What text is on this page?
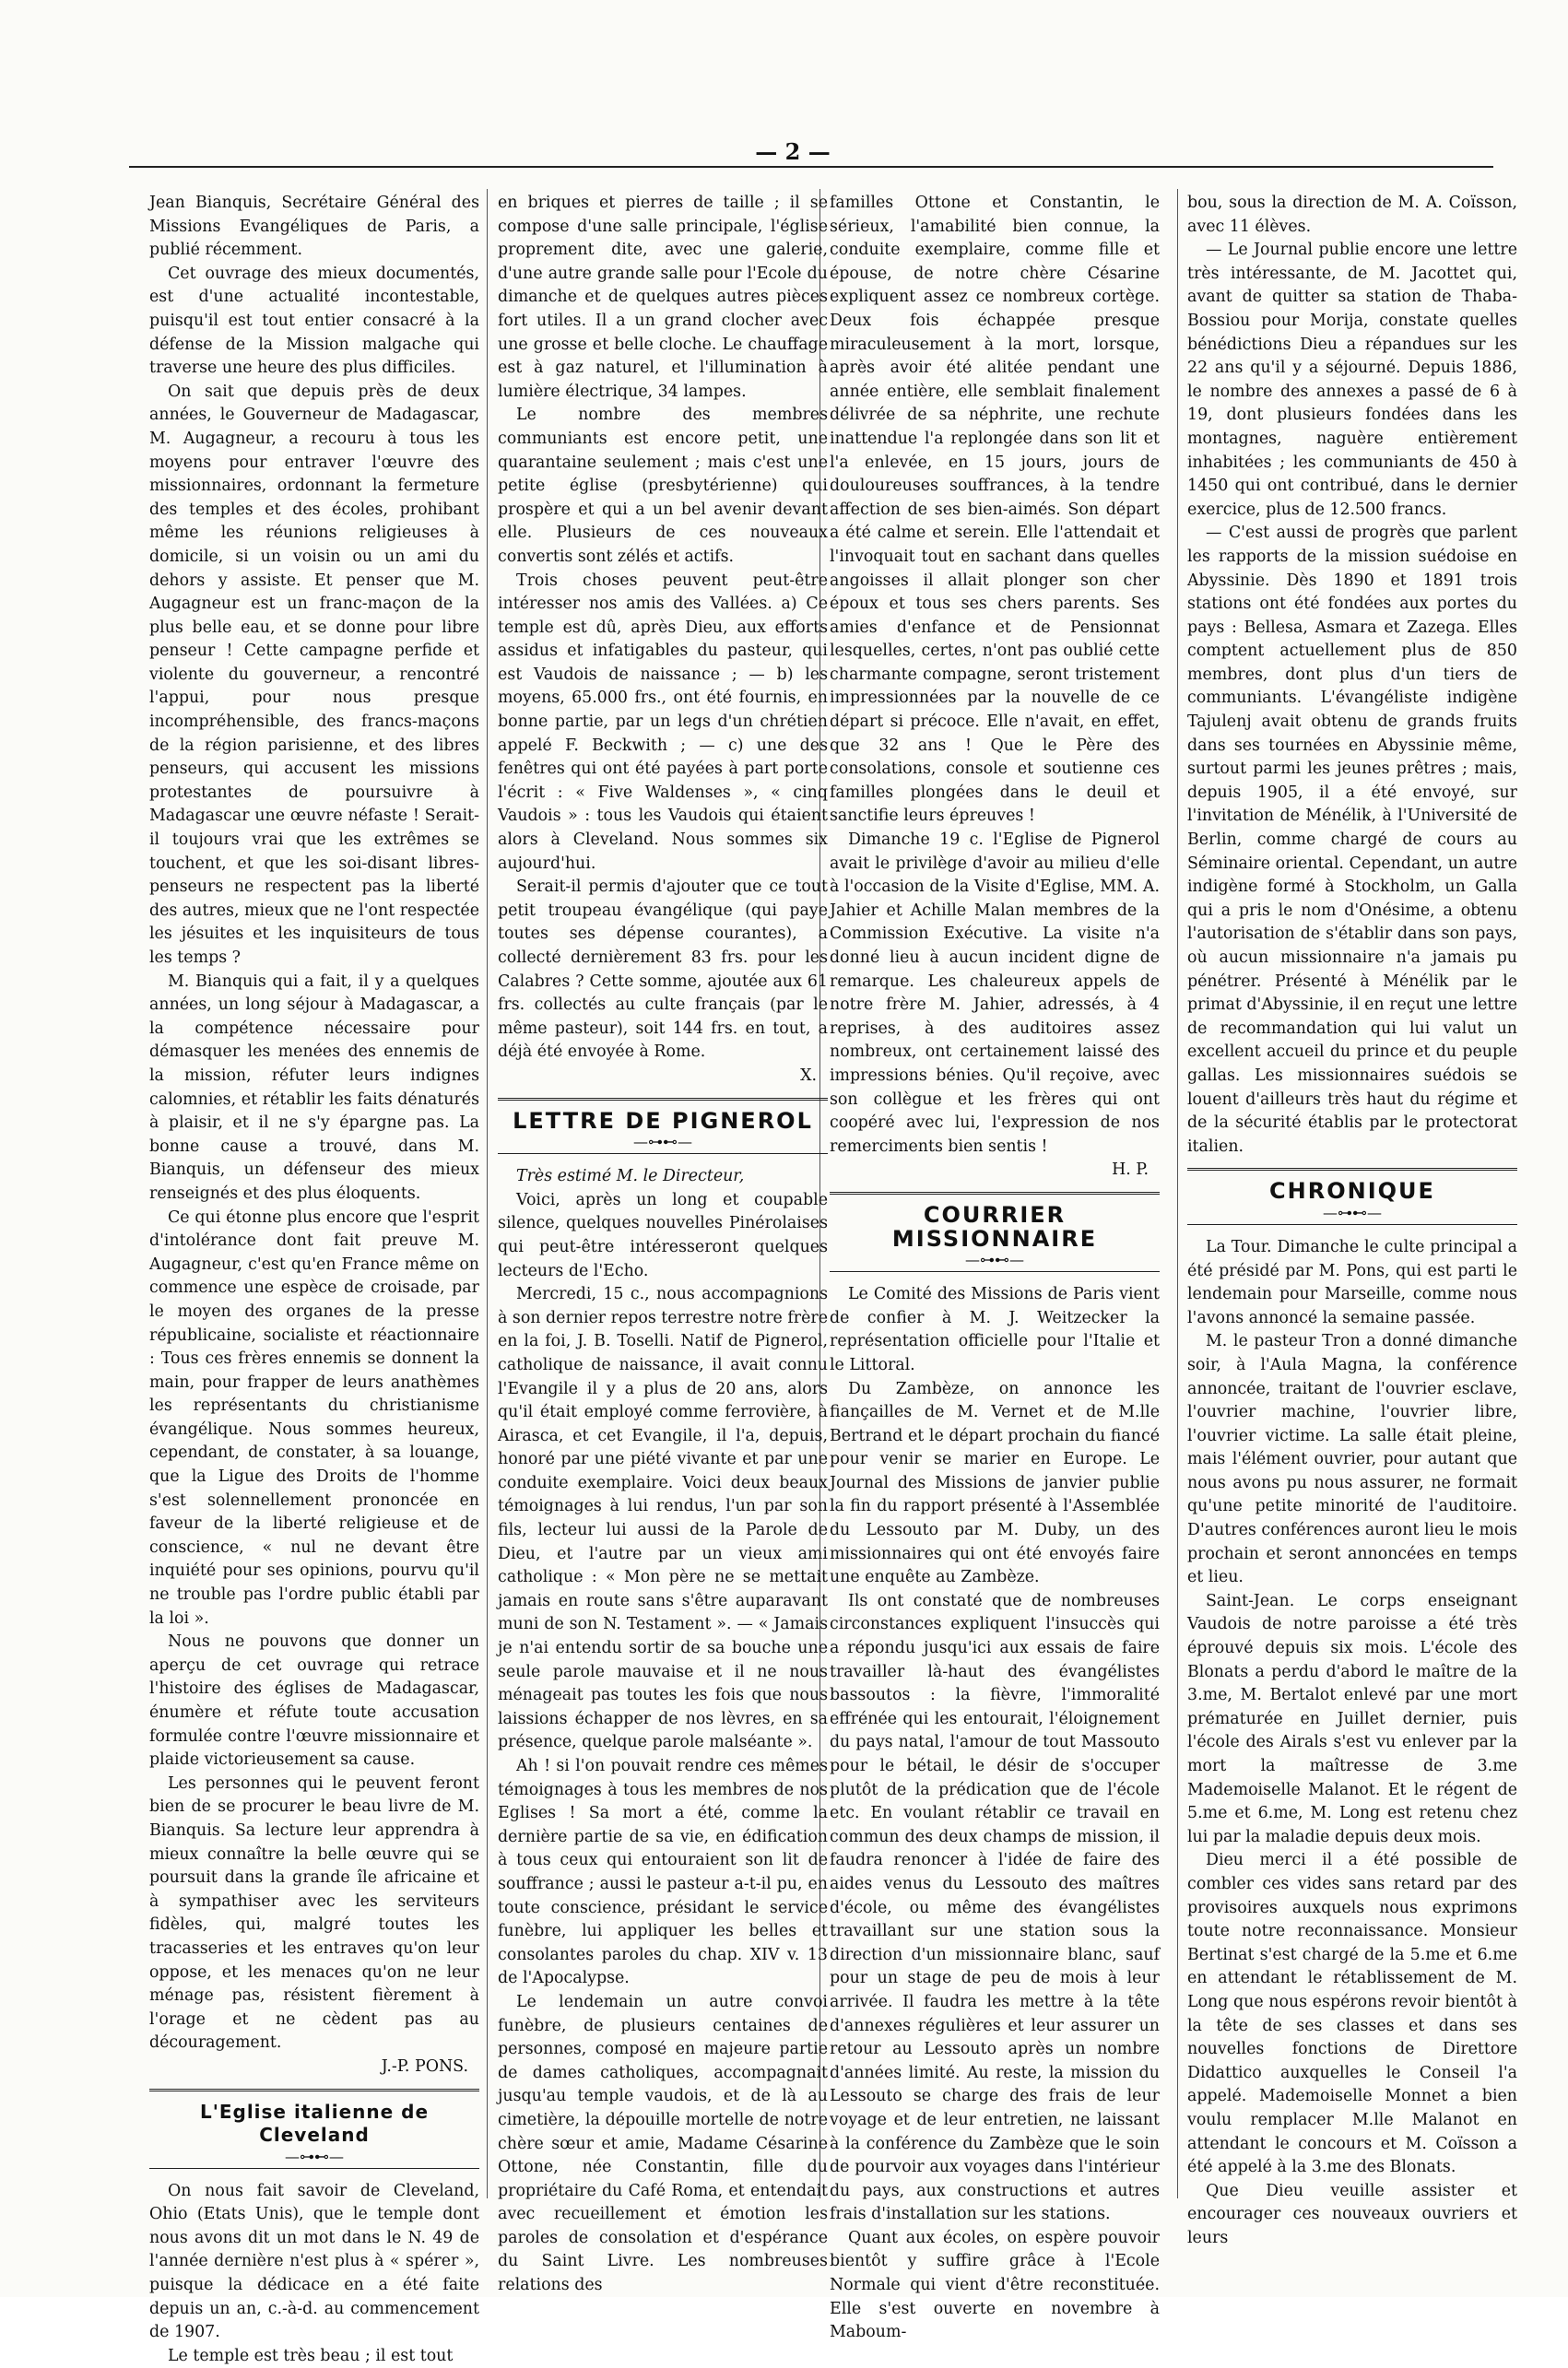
— 2 —

Jean Bianquis, Secrétaire Général des Missions Evangéliques de Paris, a publié récemment.

Cet ouvrage des mieux documentés, est d'une actualité incontestable, puisqu'il est tout entier consacré à la défense de la Mission malgache qui traverse une heure des plus difficiles.

On sait que depuis près de deux années, le Gouverneur de Madagascar, M. Augagneur, a recouru à tous les moyens pour entraver l'œuvre des missionnaires, ordonnant la fermeture des temples et des écoles, prohibant même les réunions religieuses à domicile, si un voisin ou un ami du dehors y assiste. Et penser que M. Augagneur est un franc-maçon de la plus belle eau, et se donne pour libre penseur ! Cette campagne perfide et violente du gouverneur, a rencontré l'appui, pour nous presque incompréhensible, des francs-maçons de la région parisienne, et des libres penseurs, qui accusent les missions protestantes de poursuivre à Madagascar une œuvre néfaste ! Serait-il toujours vrai que les extrêmes se touchent, et que les soi-disant libres-penseurs ne respectent pas la liberté des autres, mieux que ne l'ont respectée les jésuites et les inquisiteurs de tous les temps ?

M. Bianquis qui a fait, il y a quelques années, un long séjour à Madagascar, a la compétence nécessaire pour démasquer les menées des ennemis de la mission, réfuter leurs indignes calomnies, et rétablir les faits dénaturés à plaisir, et il ne s'y épargne pas. La bonne cause a trouvé, dans M. Bianquis, un défenseur des mieux renseignés et des plus éloquents.

Ce qui étonne plus encore que l'esprit d'intolérance dont fait preuve M. Augagneur, c'est qu'en France même on commence une espèce de croisade, par le moyen des organes de la presse républicaine, socialiste et réactionnaire : Tous ces frères ennemis se donnent la main, pour frapper de leurs anathèmes les représentants du christianisme évangélique. Nous sommes heureux, cependant, de constater, à sa louange, que la Ligue des Droits de l'homme s'est solennellement prononcée en faveur de la liberté religieuse et de conscience, « nul ne devant être inquiété pour ses opinions, pourvu qu'il ne trouble pas l'ordre public établi par la loi ».

Nous ne pouvons que donner un aperçu de cet ouvrage qui retrace l'histoire des églises de Madagascar, énumère et réfute toute accusation formulée contre l'œuvre missionnaire et plaide victorieusement sa cause.

Les personnes qui le peuvent feront bien de se procurer le beau livre de M. Bianquis. Sa lecture leur apprendra à mieux connaître la belle œuvre qui se poursuit dans la grande île africaine et à sympathiser avec les serviteurs fidèles, qui, malgré toutes les tracasseries et les entraves qu'on leur oppose, et les menaces qu'on ne leur ménage pas, résistent fièrement à l'orage et ne cèdent pas au découragement.

J.-P. PONS.

L'Eglise italienne de Cleveland
—⊶⊷—

On nous fait savoir de Cleveland, Ohio (Etats Unis), que le temple dont nous avons dit un mot dans le N. 49 de l'année dernière n'est plus à « spérer », puisque la dédicace en a été faite depuis un an, c.-à-d. au commencement de 1907.

Le temple est très beau ; il est tout

en briques et pierres de taille ; il se compose d'une salle principale, l'église proprement dite, avec une galerie, d'une autre grande salle pour l'Ecole du dimanche et de quelques autres pièces fort utiles. Il a un grand clocher avec une grosse et belle cloche. Le chauffage est à gaz naturel, et l'illumination à lumière électrique, 34 lampes.

Le nombre des membres communiants est encore petit, une quarantaine seulement ; mais c'est une petite église (presbytérienne) qui prospère et qui a un bel avenir devant elle. Plusieurs de ces nouveaux convertis sont zélés et actifs.

Trois choses peuvent peut-être intéresser nos amis des Vallées. a) Ce temple est dû, après Dieu, aux efforts assidus et infatigables du pasteur, qui est Vaudois de naissance ; — b) les moyens, 65.000 frs., ont été fournis, en bonne partie, par un legs d'un chrétien appelé F. Beckwith ; — c) une des fenêtres qui ont été payées à part porte l'écrit : « Five Waldenses », « cinq Vaudois » : tous les Vaudois qui étaient alors à Cleveland. Nous sommes six aujourd'hui.

Serait-il permis d'ajouter que ce tout petit troupeau évangélique (qui paye toutes ses dépense courantes), a collecté dernièrement 83 frs. pour les Calabres ? Cette somme, ajoutée aux 61 frs. collectés au culte français (par le même pasteur), soit 144 frs. en tout, a déjà été envoyée à Rome.

X.

LETTRE DE PIGNEROL
—⊶⊷—

Très estimé M. le Directeur,

Voici, après un long et coupable silence, quelques nouvelles Pinérolaises qui peut-être intéresseront quelques lecteurs de l'Echo.

Mercredi, 15 c., nous accompagnions à son dernier repos terrestre notre frère en la foi, J. B. Toselli. Natif de Pignerol, catholique de naissance, il avait connu l'Evangile il y a plus de 20 ans, alors qu'il était employé comme ferrovière, à Airasca, et cet Evangile, il l'a, depuis, honoré par une piété vivante et par une conduite exemplaire. Voici deux beaux témoignages à lui rendus, l'un par son fils, lecteur lui aussi de la Parole de Dieu, et l'autre par un vieux ami catholique : « Mon père ne se mettait jamais en route sans s'être auparavant muni de son N. Testament ». — « Jamais je n'ai entendu sortir de sa bouche une seule parole mauvaise et il ne nous ménageait pas toutes les fois que nous laissions échapper de nos lèvres, en sa présence, quelque parole malséante ».

Ah ! si l'on pouvait rendre ces mêmes témoignages à tous les membres de nos Eglises ! Sa mort a été, comme la dernière partie de sa vie, en édification à tous ceux qui entouraient son lit de souffrance ; aussi le pasteur a-t-il pu, en toute conscience, présidant le service funèbre, lui appliquer les belles et consolantes paroles du chap. XIV v. 13 de l'Apocalypse.

Le lendemain un autre convoi funèbre, de plusieurs centaines de personnes, composé en majeure partie de dames catholiques, accompagnait jusqu'au temple vaudois, et de là au cimetière, la dépouille mortelle de notre chère sœur et amie, Madame Césarine Ottone, née Constantin, fille du propriétaire du Café Roma, et entendait avec recueillement et émotion les paroles de consolation et d'espérance du Saint Livre. Les nombreuses relations des

familles Ottone et Constantin, le sérieux, l'amabilité bien connue, la conduite exemplaire, comme fille et épouse, de notre chère Césarine expliquent assez ce nombreux cortège. Deux fois échappée presque miraculeusement à la mort, lorsque, après avoir été alitée pendant une année entière, elle semblait finalement délivrée de sa néphrite, une rechute inattendue l'a replongée dans son lit et l'a enlevée, en 15 jours, jours de douloureuses souffrances, à la tendre affection de ses bien-aimés. Son départ a été calme et serein. Elle l'attendait et l'invoquait tout en sachant dans quelles angoisses il allait plonger son cher époux et tous ses chers parents. Ses amies d'enfance et de Pensionnat lesquelles, certes, n'ont pas oublié cette charmante compagne, seront tristement impressionnées par la nouvelle de ce départ si précoce. Elle n'avait, en effet, que 32 ans ! Que le Père des consolations, console et soutienne ces familles plongées dans le deuil et sanctifie leurs épreuves !

Dimanche 19 c. l'Eglise de Pignerol avait le privilège d'avoir au milieu d'elle à l'occasion de la Visite d'Eglise, MM. A. Jahier et Achille Malan membres de la Commission Exécutive. La visite n'a donné lieu à aucun incident digne de remarque. Les chaleureux appels de notre frère M. Jahier, adressés, à 4 reprises, à des auditoires assez nombreux, ont certainement laissé des impressions bénies. Qu'il reçoive, avec son collègue et les frères qui ont coopéré avec lui, l'expression de nos remerciments bien sentis !

H. P.

COURRIER MISSIONNAIRE
—⊶⊷—

Le Comité des Missions de Paris vient de confier à M. J. Weitzecker la représentation officielle pour l'Italie et le Littoral.

Du Zambèze, on annonce les fiançailles de M. Vernet et de M.lle Bertrand et le départ prochain du fiancé pour venir se marier en Europe. Le Journal des Missions de janvier publie la fin du rapport présenté à l'Assemblée du Lessouto par M. Duby, un des missionnaires qui ont été envoyés faire une enquête au Zambèze.

Ils ont constaté que de nombreuses circonstances expliquent l'insuccès qui a répondu jusqu'ici aux essais de faire travailler là-haut des évangélistes bassoutos : la fièvre, l'immoralité effrénée qui les entourait, l'éloignement du pays natal, l'amour de tout Massouto pour le bétail, le désir de s'occuper plutôt de la prédication que de l'école etc. En voulant rétablir ce travail en commun des deux champs de mission, il faudra renoncer à l'idée de faire des aides venus du Lessouto des maîtres d'école, ou même des évangélistes travaillant sur une station sous la direction d'un missionnaire blanc, sauf pour un stage de peu de mois à leur arrivée. Il faudra les mettre à la tête d'annexes régulières et leur assurer un retour au Lessouto après un nombre d'années limité. Au reste, la mission du Lessouto se charge des frais de leur voyage et de leur entretien, ne laissant à la conférence du Zambèze que le soin de pourvoir aux voyages dans l'intérieur du pays, aux constructions et autres frais d'installation sur les stations.

Quant aux écoles, on espère pouvoir bientôt y suffire grâce à l'Ecole Normale qui vient d'être reconstituée. Elle s'est ouverte en novembre à Maboum-

bou, sous la direction de M. A. Coïsson, avec 11 élèves.

— Le Journal publie encore une lettre très intéressante, de M. Jacottet qui, avant de quitter sa station de Thaba-Bossiou pour Morija, constate quelles bénédictions Dieu a répandues sur les 22 ans qu'il y a séjourné. Depuis 1886, le nombre des annexes a passé de 6 à 19, dont plusieurs fondées dans les montagnes, naguère entièrement inhabitées ; les communiants de 450 à 1450 qui ont contribué, dans le dernier exercice, plus de 12.500 francs.

— C'est aussi de progrès que parlent les rapports de la mission suédoise en Abyssinie. Dès 1890 et 1891 trois stations ont été fondées aux portes du pays : Bellesa, Asmara et Zazega. Elles comptent actuellement plus de 850 membres, dont plus d'un tiers de communiants. L'évangéliste indigène Tajulenj avait obtenu de grands fruits dans ses tournées en Abyssinie même, surtout parmi les jeunes prêtres ; mais, depuis 1905, il a été envoyé, sur l'invitation de Ménélik, à l'Université de Berlin, comme chargé de cours au Séminaire oriental. Cependant, un autre indigène formé à Stockholm, un Galla qui a pris le nom d'Onésime, a obtenu l'autorisation de s'établir dans son pays, où aucun missionnaire n'a jamais pu pénétrer. Présenté à Ménélik par le primat d'Abyssinie, il en reçut une lettre de recommandation qui lui valut un excellent accueil du prince et du peuple gallas. Les missionnaires suédois se louent d'ailleurs très haut du régime et de la sécurité établis par le protectorat italien.

CHRONIQUE
—⊶⊷—

La Tour. Dimanche le culte principal a été présidé par M. Pons, qui est parti le lendemain pour Marseille, comme nous l'avons annoncé la semaine passée.

M. le pasteur Tron a donné dimanche soir, à l'Aula Magna, la conférence annoncée, traitant de l'ouvrier esclave, l'ouvrier machine, l'ouvrier libre, l'ouvrier victime. La salle était pleine, mais l'élément ouvrier, pour autant que nous avons pu nous assurer, ne formait qu'une petite minorité de l'auditoire. D'autres conférences auront lieu le mois prochain et seront annoncées en temps et lieu.

Saint-Jean. Le corps enseignant Vaudois de notre paroisse a été très éprouvé depuis six mois. L'école des Blonats a perdu d'abord le maître de la 3.me, M. Bertalot enlevé par une mort prématurée en Juillet dernier, puis l'école des Airals s'est vu enlever par la mort la maîtresse de 3.me Mademoiselle Malanot. Et le régent de 5.me et 6.me, M. Long est retenu chez lui par la maladie depuis deux mois.

Dieu merci il a été possible de combler ces vides sans retard par des provisoires auxquels nous exprimons toute notre reconnaissance. Monsieur Bertinat s'est chargé de la 5.me et 6.me en attendant le rétablissement de M. Long que nous espérons revoir bientôt à la tête de ses classes et dans ses nouvelles fonctions de Direttore Didattico auxquelles le Conseil l'a appelé. Mademoiselle Monnet a bien voulu remplacer M.lle Malanot en attendant le concours et M. Coïsson a été appelé à la 3.me des Blonats.

Que Dieu veuille assister et encourager ces nouveaux ouvriers et leurs
